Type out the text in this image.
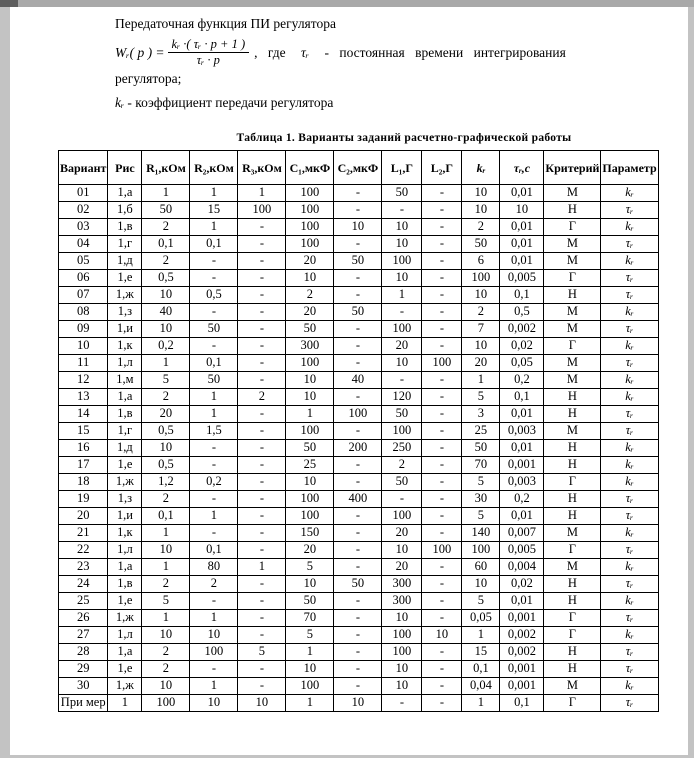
Передаточная функция ПИ регулятора

Wᵣ( p ) = $\frac{\text{kᵣ ·( τᵣ · p + 1 )}}{\text{τᵣ · p}}$ , где τᵣ - постоянная времени интегрирования

регулятора;

kᵣ - коэффициент передачи регулятора

Таблица 1. Варианты заданий расчетно-графической работы

Вариант	Рис	R₁,кОм	R₂,кОм	R₃,кОм	C₁,мкФ	C₂,мкФ	L₁,Г	L₂,Г	kᵣ	τᵣ,с	Критерий	Параметр
01	1,а	1	1	1	100	-	50	-	10	0,01	М	kᵣ
02	1,б	50	15	100	100	-	-	-	10	10	Н	τᵣ
03	1,в	2	1	-	100	10	10	-	2	0,01	Г	kᵣ
04	1,г	0,1	0,1	-	100	-	10	-	50	0,01	М	τᵣ
05	1,д	2	-	-	20	50	100	-	6	0,01	М	kᵣ
06	1,е	0,5	-	-	10	-	10	-	100	0,005	Г	τᵣ
07	1,ж	10	0,5	-	2	-	1	-	10	0,1	Н	τᵣ
08	1,з	40	-	-	20	50	-	-	2	0,5	М	kᵣ
09	1,и	10	50	-	50	-	100	-	7	0,002	М	τᵣ
10	1,к	0,2	-	-	300	-	20	-	10	0,02	Г	kᵣ
11	1,л	1	0,1	-	100	-	10	100	20	0,05	М	τᵣ
12	1,м	5	50	-	10	40	-	-	1	0,2	М	kᵣ
13	1,а	2	1	2	10	-	120	-	5	0,1	Н	kᵣ
14	1,в	20	1	-	1	100	50	-	3	0,01	Н	τᵣ
15	1,г	0,5	1,5	-	100	-	100	-	25	0,003	М	τᵣ
16	1,д	10	-	-	50	200	250	-	50	0,01	Н	kᵣ
17	1,е	0,5	-	-	25	-	2	-	70	0,001	Н	kᵣ
18	1,ж	1,2	0,2	-	10	-	50	-	5	0,003	Г	kᵣ
19	1,з	2	-	-	100	400	-	-	30	0,2	Н	τᵣ
20	1,и	0,1	1	-	100	-	100	-	5	0,01	Н	τᵣ
21	1,к	1	-	-	150	-	20	-	140	0,007	М	kᵣ
22	1,л	10	0,1	-	20	-	10	100	100	0,005	Г	τᵣ
23	1,а	1	80	1	5	-	20	-	60	0,004	М	kᵣ
24	1,в	2	2	-	10	50	300	-	10	0,02	Н	τᵣ
25	1,е	5	-	-	50	-	300	-	5	0,01	Н	kᵣ
26	1,ж	1	1	-	70	-	10	-	0,05	0,001	Г	τᵣ
27	1,л	10	10	-	5	-	100	10	1	0,002	Г	kᵣ
28	1,а	2	100	5	1	-	100	-	15	0,002	Н	τᵣ
29	1,е	2	-	-	10	-	10	-	0,1	0,001	Н	τᵣ
30	1,ж	10	1	-	100	-	10	-	0,04	0,001	М	kᵣ
При мер	1	100	10	10	1	10	-	-	1	0,1	Г	τᵣ
